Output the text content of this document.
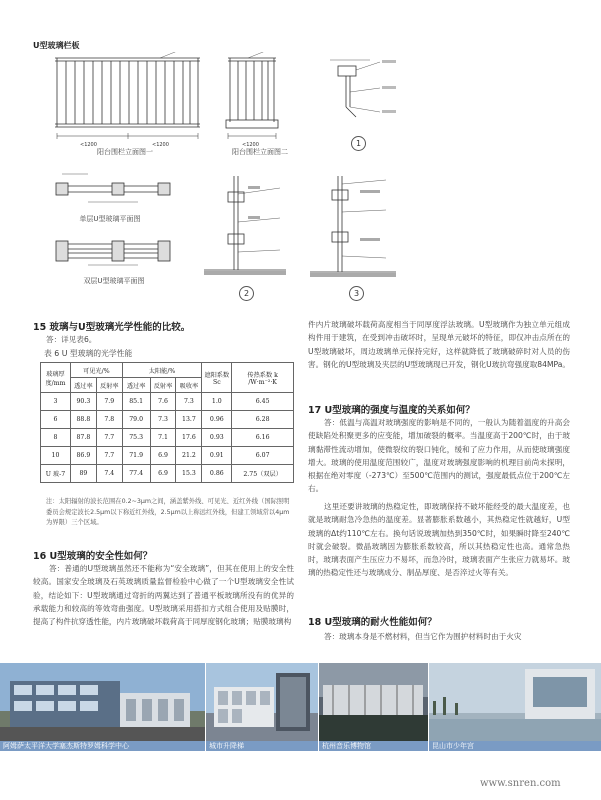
U型玻璃栏板
<1200	<1200
阳台围栏立面图一
<1200
阳台围栏立面图二
1
单层U型玻璃平面图
双层U型玻璃平面图
2	3
15 玻璃与U型玻璃光学性能的比较。
答：详见表6。
表 6 U 型玻璃的光学性能
玻璃厚度/mm	可见光/%		太阳能/%			遮阳系数 Sc	传热系数 k /W·m⁻²·K
	透过率	反射率	透过率	反射率	吸收率		
3	90.3	7.9	85.1	7.6	7.3	1.0	6.45
6	88.8	7.8	79.0	7.3	13.7	0.96	6.28
8	87.8	7.7	75.3	7.1	17.6	0.93	6.16
10	86.9	7.7	71.9	6.9	21.2	0.91	6.07
U 玻-7	89	7.4	77.4	6.9	15.3	0.86	2.75（双层）
注：太阳辐射的波长范围在0.2~3μm之间，涵盖紫外线、可见光、近红外线（国际照明委员会规定波长2.5μm以下称近红外线，2.5μm以上称远红外线，但建工领域常以4μm为界限）三个区域。
16 U型玻璃的安全性如何？
答：普通的U型玻璃虽然还不能称为“安全玻璃”，但其在使用上的安全性较高。国家安全玻璃及石英玻璃质量监督检验中心做了一个U型玻璃安全性试验，结论如下：U型玻璃通过弯折的两翼达到了普通平板玻璃所没有的优异的承载能力和较高的等效弯曲强度。U型玻璃采用搭扣方式组合使用及贴膜时，提高了构件抗穿透性能，内片玻璃破坏载荷高于同厚度钢化玻璃；贴膜玻璃构
件内片玻璃破坏载荷高度相当于同厚度浮法玻璃。U型玻璃作为独立单元组成构件用于建筑，在受到冲击破坏时，呈现单元破坏的特征，即仅冲击点所在的U型玻璃破坏，周边玻璃单元保持完好，这样就降低了玻璃破碎时对人员的伤害。钢化的U型玻璃及夹层的U型玻璃现已开发，钢化U玻抗弯强度取84MPa。
17 U型玻璃的强度与温度的关系如何？
答：低温与高温对玻璃强度的影响是不同的，一般认为随着温度的升高会使缺陷处积聚更多的应变能，增加破裂的概率。当温度高于200℃时，由于玻璃黏滞性流动增加，使微裂纹的裂口钝化，缓和了应力作用，从而使玻璃强度增大。玻璃的使用温度范围较广，温度对玻璃强度影响的机理目前尚未探明，根据在绝对零度（-273℃）至500℃范围内的测试，强度最低点位于200℃左右。
这里还要讲玻璃的热稳定性，即玻璃保持不破坏能经受的最大温度差，也就是玻璃耐急冷急热的温度差。显著膨胀系数越小，其热稳定性就越好，U型玻璃的Δt约110℃左右。换句话说玻璃加热到350℃时，如果瞬时降至240℃时就会破裂。微晶玻璃因为膨胀系数较高，所以其热稳定性也高。通常急热时，玻璃表面产生压应力不易坏，而急冷时，玻璃表面产生张应力就易坏。玻璃的热稳定性还与玻璃成分、制品厚度、是否淬过火等有关。
18 U型玻璃的耐火性能如何？
答：玻璃本身是不燃材料，但当它作为围护材料时由于火灾
阿姆萨太平洋大学塞杰斯特罗姆科学中心	城市升降梯	杭州音乐博物馆	昆山市少年宫
www.snren.com
